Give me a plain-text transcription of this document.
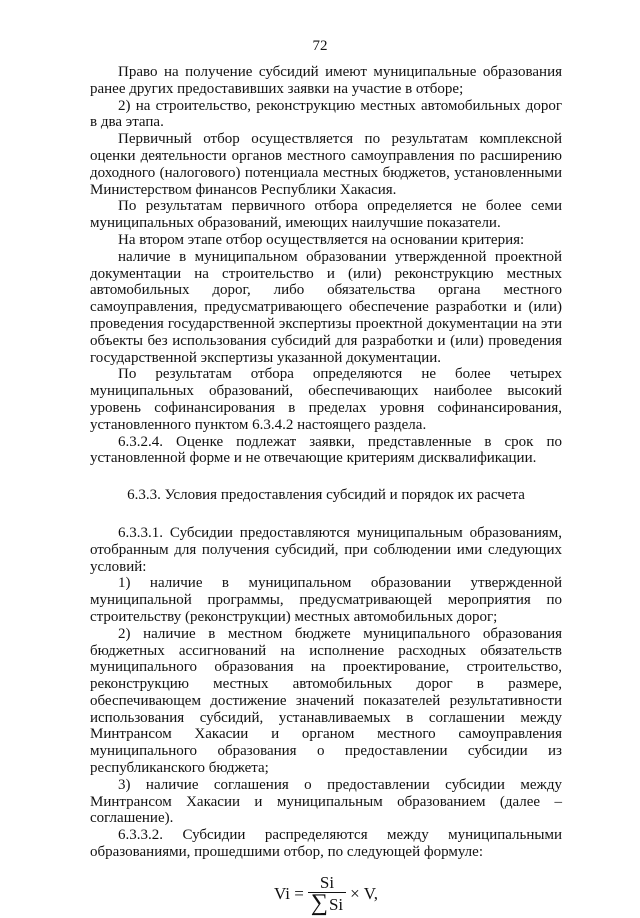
72

Право на получение субсидий имеют муниципальные образования ранее других предоставивших заявки на участие в отборе;

2) на строительство, реконструкцию местных автомобильных дорог в два этапа.

Первичный отбор осуществляется по результатам комплексной оценки деятельности органов местного самоуправления по расширению доходного (налогового) потенциала местных бюджетов, установленными Министерством финансов Республики Хакасия.

По результатам первичного отбора определяется не более семи муниципальных образований, имеющих наилучшие показатели.

На втором этапе отбор осуществляется на основании критерия:

наличие в муниципальном образовании утвержденной проектной документации на строительство и (или) реконструкцию местных автомобильных дорог, либо обязательства органа местного самоуправления, предусматривающего обеспечение разработки и (или) проведения государственной экспертизы проектной документации на эти объекты без использования субсидий для разработки и (или) проведения государственной экспертизы указанной документации.

По результатам отбора определяются не более четырех муниципальных образований, обеспечивающих наиболее высокий уровень софинансирования в пределах уровня софинансирования, установленного пунктом 6.3.4.2 настоящего раздела.

6.3.2.4. Оценке подлежат заявки, представленные в срок по установленной форме и не отвечающие критериям дисквалификации.

6.3.3. Условия предоставления субсидий и порядок их расчета

6.3.3.1. Субсидии предоставляются муниципальным образованиям, отобранным для получения субсидий, при соблюдении ими следующих условий:

1) наличие в муниципальном образовании утвержденной муниципальной программы, предусматривающей мероприятия по строительству (реконструкции) местных автомобильных дорог;

2) наличие в местном бюджете муниципального образования бюджетных ассигнований на исполнение расходных обязательств муниципального образования на проектирование, строительство, реконструкцию местных автомобильных дорог в размере, обеспечивающем достижение значений показателей результативности использования субсидий, устанавливаемых в соглашении между Минтрансом Хакасии и органом местного самоуправления муниципального образования о предоставлении субсидии из республиканского бюджета;

3) наличие соглашения о предоставлении субсидии между Минтрансом Хакасии и муниципальным образованием (далее – соглашение).

6.3.3.2. Субсидии распределяются между муниципальными образованиями, прошедшими отбор, по следующей формуле:

$Vi = \frac{Si}{\sum Si} \times V$,
